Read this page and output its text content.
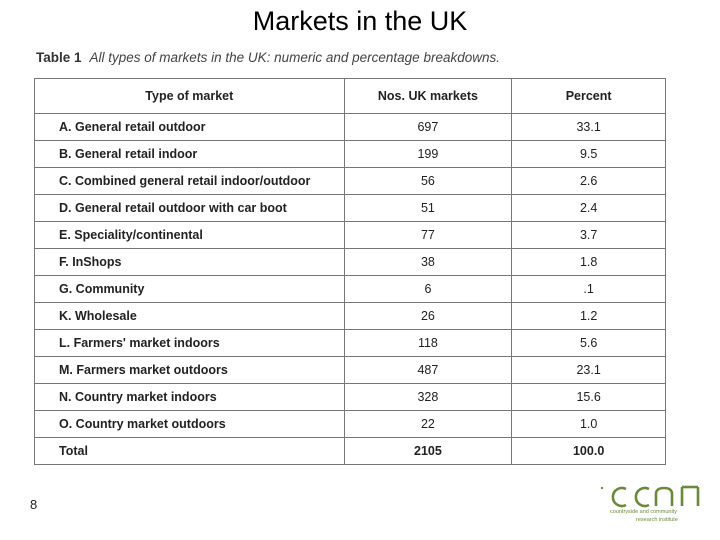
Markets in the UK
Table 1 All types of markets in the UK: numeric and percentage breakdowns.
Type of market	Nos. UK markets	Percent
A. General retail outdoor	697	33.1
B. General retail indoor	199	9.5
C. Combined general retail indoor/outdoor	56	2.6
D. General retail outdoor with car boot	51	2.4
E. Speciality/continental	77	3.7
F. InShops	38	1.8
G. Community	6	.1
K. Wholesale	26	1.2
L. Farmers' market indoors	118	5.6
M. Farmers market outdoors	487	23.1
N. Country market indoors	328	15.6
O. Country market outdoors	22	1.0
Total	2105	100.0
8	countryside and community
research institute
